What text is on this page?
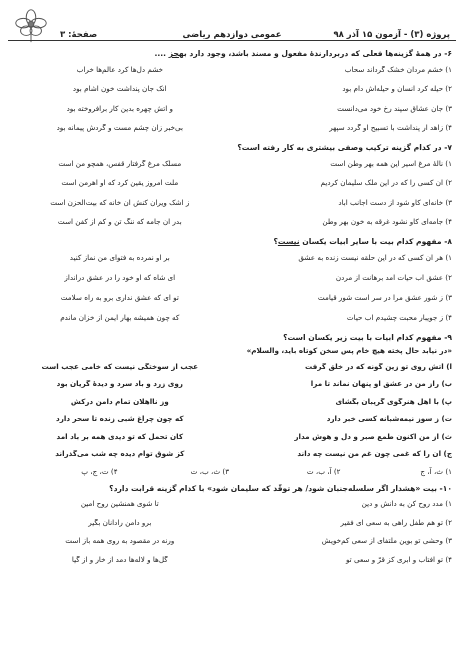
پروژه (۳) - آزمون ۱۵ آذر ۹۸
عمومی دوازدهم ریاضی
صفحهٔ: ۳
۶- در همهٔ گزینه‌ها فعلی که دربردارندهٔ مفعول و مسند باشد، وجود دارد بهجز ....
۱) خشم مردان خشک گرداند سحاب
خشم دل‌ها کرد عالم‌ها خراب
۲) حیله کرد انسان و حیله‌اش دام بود
آنک جان پنداشت خون آشام بود
۳) جان عشاق سپند رخ خود می‌دانست
و آتش چهره بدین کار برافروخته بود
۴) زاهد ار پنداشت با تسبیح او گردد سپهر
بی‌خبر زان چشم مست و گردش پیمانه بود
۷- در کدام گزینه ترکیب وصفی بیشتری به کار رفته است؟
۱) نالهٔ مرغ اسیر این همه بهر وطن است
مسلک مرغ گرفتار قفس، همچو من است
۲) آن کسی را که در این ملک سلیمان کردیم
ملت امروز یقین کرد که او اهرمن است
۳) خانه‌ای کاو شود از دست اجانب آباد
ز اشک ویران کنش آن خانه که بیت‌الحزن است
۴) جامه‌ای کاو نشود غرقه به خون بهر وطن
بدر آن جامه که ننگ تن و کم از کفن است
۸- مفهوم کدام بیت با سایر ابیات یکسان نیست؟
۱) هر آن کسی که در این حلقه نیست زنده به عشق
بر او نمرده به فتوای من نماز کنید
۲) عشق آب حیات آمد برهانت از مردن
ای شاه که او خود را در عشق درانداز
۳) ز شور عشق مرا در سر است شور قیامت
تو ای که عشق نداری برو به راه سلامت
۴) ز جویبار محبت چشیدم آب حیات
که چون همیشه بهار ایمن از خزان ماندم
۹- مفهوم کدام ابیات با بیت زیر یکسان است؟
«در نیابد حال پخته هیچ خام پس سخن کوتاه باید، والسلام»
آ) آتش روی تو زین گونه که در خلق گرفت
عجب از سوختگی نیست که خامی عجب است
ب) راز من در عشق او پنهان نماند تا مرا
روی زرد و باد سرد و دیدهٔ گریان بود
پ) با اهل هنرگوی گریبان بگشای
وز نااهلان تمام دامن درکش
ت) ز سوز نیمه‌شبانه کسی خبر دارد
که چون چراغ شبی زنده تا سحر دارد
ث) از من اکنون طمع صبر و دل و هوش مدار
کان تحمل که تو دیدی همه بر باد آمد
ج) آن را که غمی چون غم من نیست چه داند
کز شوق توام دیده چه شب می‌گذراند
۱) ث، آ، ج
۲) آ، ب، ت
۳) ث، ب، ت
۴) ت، ج، پ
۱۰- بیت «هشدار اگر سلسله‌جنبان شود/ هر توقّد که سلیمان شود» با کدام گزینه قرابت دارد؟
۱) مدد روح کن به دانش و دین
تا شوی همنشین روح امین
۲) تو هم طفل راهی به سعی ای فقیر
برو دامن رادانان بگیر
۳) وحشی تو بوین ملتفای از سعی کم‌خویش
ورنه در مقصود به روی همه باز است
۴) تو آفتاب و ابری کز قرّ و سعی تو
گل‌ها و لاله‌ها دمد از خار و از گیا
